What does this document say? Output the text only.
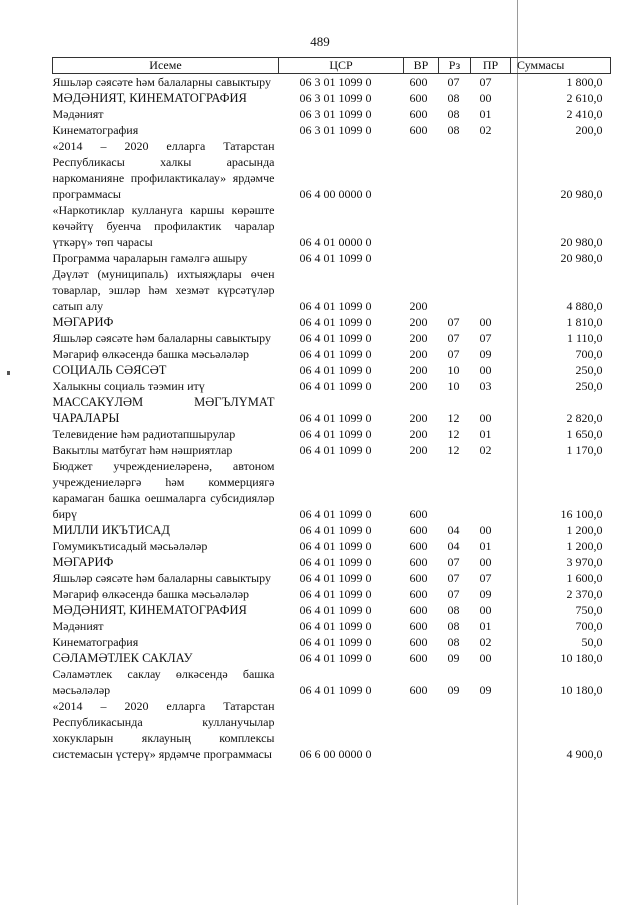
489
Исеме	ЦСР	ВР	Рз	ПР	Суммасы
Яшьләр сәясәте һәм балаларны савыктыру	06 3 01 1099 0	600	07	07	1 800,0
МӘДӘНИЯТ, КИНЕМАТОГРАФИЯ	06 3 01 1099 0	600	08	00	2 610,0
Мәдәният	06 3 01 1099 0	600	08	01	2 410,0
Кинематография	06 3 01 1099 0	600	08	02	200,0
«2014 – 2020 елларга Татарстан Республикасы халкы арасында наркоманияне профилактикалау» ярдәмче программасы	06 4 00 0000 0				20 980,0
«Наркотиклар кулланугa каршы көрәште көчәйтү буенча профилактик чаралар үткәрү» төп чарасы	06 4 01 0000 0				20 980,0
Программа чараларын гамәлгә ашыру	06 4 01 1099 0				20 980,0
Дәүләт (муниципаль) ихтыяҗлары өчен товарлар, эшләр һәм хезмәт күрсәтүләр сатып алу	06 4 01 1099 0	200			4 880,0
МӘГАРИФ	06 4 01 1099 0	200	07	00	1 810,0
Яшьләр сәясәте һәм балаларны савыктыру	06 4 01 1099 0	200	07	07	1 110,0
Мәгариф өлкәсендә башка мәсьәләләр	06 4 01 1099 0	200	07	09	700,0
СОЦИАЛЬ СӘЯСӘТ	06 4 01 1099 0	200	10	00	250,0
Халыкны социаль тәэмин итү	06 4 01 1099 0	200	10	03	250,0
МАССАКҮЛӘМ МӘГЪЛҮМАТ ЧАРАЛАРЫ	06 4 01 1099 0	200	12	00	2 820,0
Телевидение һәм радиотапшырулар	06 4 01 1099 0	200	12	01	1 650,0
Вакытлы матбугат һәм нәшриятлар	06 4 01 1099 0	200	12	02	1 170,0
Бюджет учреждениеләренә, автоном учреждениеләргә һәм коммерциягә карамаган башка оешмаларга субсидияләр бирү	06 4 01 1099 0	600			16 100,0
МИЛЛИ ИКЪТИСАД	06 4 01 1099 0	600	04	00	1 200,0
Гомумикътисадый мәсьәләләр	06 4 01 1099 0	600	04	01	1 200,0
МӘГАРИФ	06 4 01 1099 0	600	07	00	3 970,0
Яшьләр сәясәте һәм балаларны савыктыру	06 4 01 1099 0	600	07	07	1 600,0
Мәгариф өлкәсендә башка мәсьәләләр	06 4 01 1099 0	600	07	09	2 370,0
МӘДӘНИЯТ, КИНЕМАТОГРАФИЯ	06 4 01 1099 0	600	08	00	750,0
Мәдәният	06 4 01 1099 0	600	08	01	700,0
Кинематография	06 4 01 1099 0	600	08	02	50,0
СӘЛАМӘТЛЕК САКЛАУ	06 4 01 1099 0	600	09	00	10 180,0
Сәламәтлек саклау өлкәсендә башка мәсьәләләр	06 4 01 1099 0	600	09	09	10 180,0
«2014 – 2020 елларга Татарстан Республикасында кулланучылар хокукларын яклауның комплексы системасын үстерү» ярдәмче программасы	06 6 00 0000 0				4 900,0
